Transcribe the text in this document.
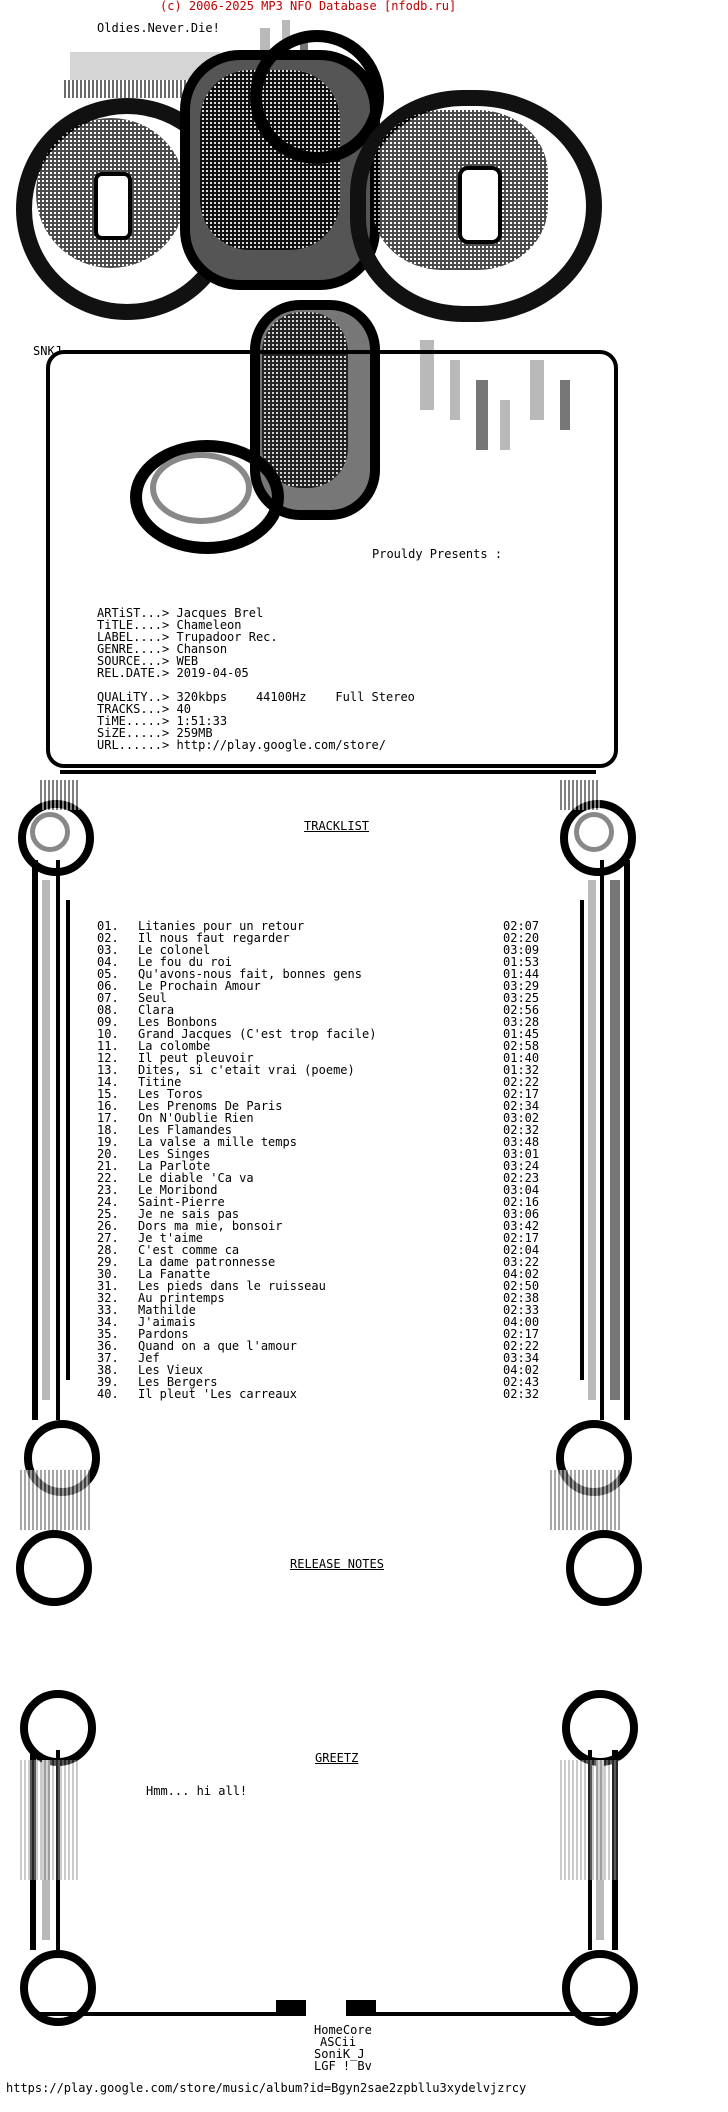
(c) 2006-2025 MP3 NFO Database [nfodb.ru]
Oldies.Never.Die!
SNKJ
Prouldy Presents :
ARTiST...> Jacques Brel
TiTLE....> Chameleon
LABEL....> Trupadoor Rec.
GENRE....> Chanson
SOURCE...> WEB
REL.DATE.> 2019-04-05
QUALiTY..> 320kbps    44100Hz    Full Stereo
TRACKS...> 40
TiME.....> 1:51:33
SiZE.....> 259MB
URL......> http://play.google.com/store/
TRACKLIST
01. Litanies pour un retour	02:07
02. Il nous faut regarder	02:20
03. Le colonel	03:09
04. Le fou du roi	01:53
05. Qu'avons-nous fait, bonnes gens	01:44
06. Le Prochain Amour	03:29
07. Seul	03:25
08. Clara	02:56
09. Les Bonbons	03:28
10. Grand Jacques (C'est trop facile)	01:45
11. La colombe	02:58
12. Il peut pleuvoir	01:40
13. Dites, si c'etait vrai (poeme)	01:32
14. Titine	02:22
15. Les Toros	02:17
16. Les Prenoms De Paris	02:34
17. On N'Oublie Rien	03:02
18. Les Flamandes	02:32
19. La valse a mille temps	03:48
20. Les Singes	03:01
21. La Parlote	03:24
22. Le diable 'Ca va	02:23
23. Le Moribond	03:04
24. Saint-Pierre	02:16
25. Je ne sais pas	03:06
26. Dors ma mie, bonsoir	03:42
27. Je t'aime	02:17
28. C'est comme ca	02:04
29. La dame patronnesse	03:22
30. La Fanatte	04:02
31. Les pieds dans le ruisseau	02:50
32. Au printemps	02:38
33. Mathilde	02:33
34. J'aimais	04:00
35. Pardons	02:17
36. Quand on a que l'amour	02:22
37. Jef	03:34
38. Les Vieux	04:02
39. Les Bergers	02:43
40. Il pleut 'Les carreaux	02:32
RELEASE NOTES
GREETZ
Hmm... hi all!
HomeCore
ASCii
SoniK_J
LGF ! Bv
https://play.google.com/store/music/album?id=Bgyn2sae2zpbllu3xydelvjzrcy
